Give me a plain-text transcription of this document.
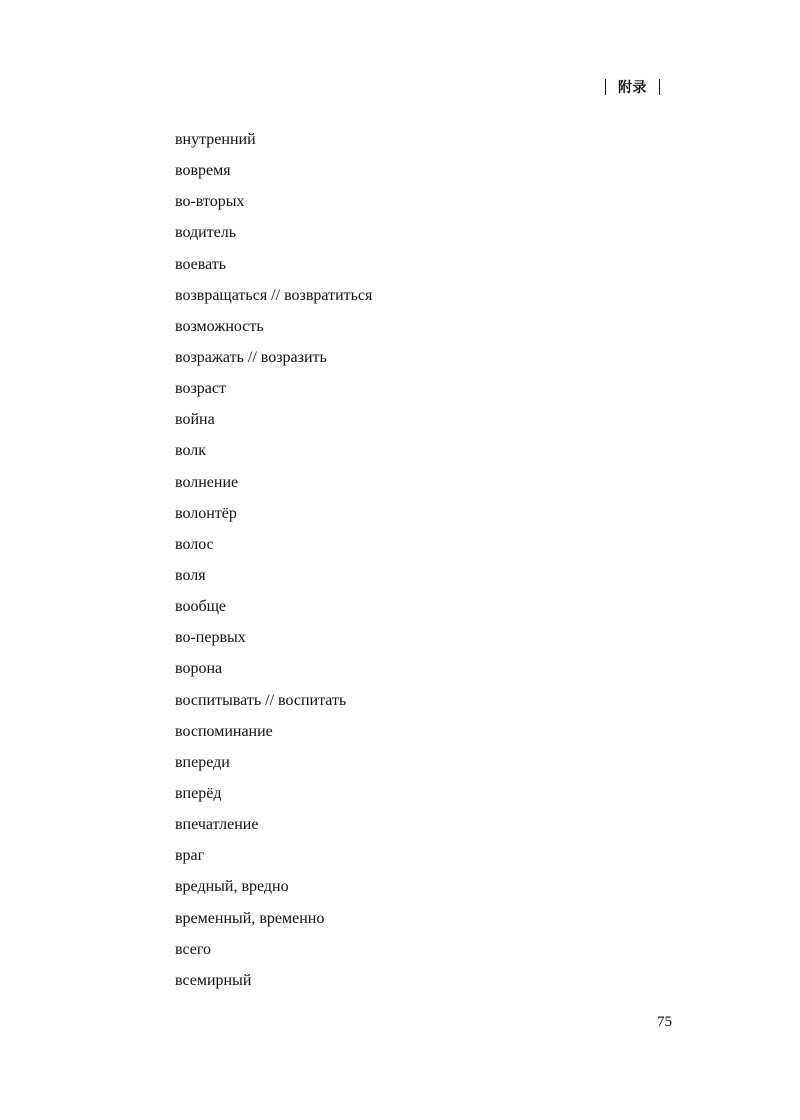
附录
внутренний
вовремя
во-вторых
водитель
воевать
возвращаться // возвратиться
возможность
возражать // возразить
возраст
война
волк
волнение
волонтёр
волос
воля
вообще
во-первых
ворона
воспитывать // воспитать
воспоминание
впереди
вперёд
впечатление
враг
вредный, вредно
временный, временно
всего
всемирный
75
